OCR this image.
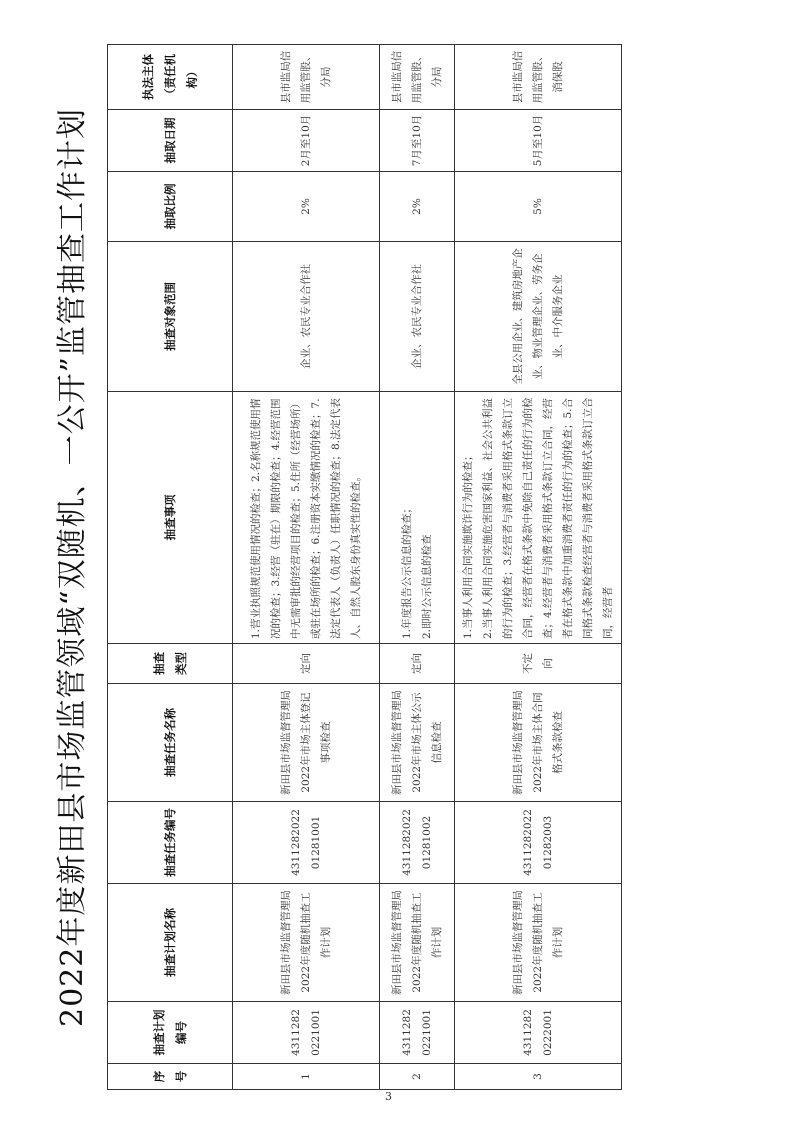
2022年度新田县市场监管领域“双随机、一公开”监管抽查工作计划
序号	抽查计划编号	抽查计划名称	抽查任务编号	抽查任务名称	抽查类型	抽查事项	抽查对象范围	抽取比例	抽取日期	执法主体（责任机构）
1	43112820221001	新田县市场监督管理局2022年度随机抽查工作计划	431128202201281001	新田县市场监督管理局2022年市场主体登记事项检查	定向	1.营业执照规范使用情况的检查；2.名称规范使用情况的检查；3.经营（驻在）期限的检查；4.经营范围中无需审批的经营项目的检查；5.住所（经营场所）或驻在场所的检查；6.注册资本实缴情况的检查；7.法定代表人（负责人）任职情况的检查；8.法定代表人、自然人股东身份真实性的检查。	企业、农民专业合作社	2%	2月至10月	县市监局信用监管股、分局
2	43112820221001	新田县市场监督管理局2022年度随机抽查工作计划	431128202201281002	新田县市场监督管理局2022年市场主体公示信息检查	定向	1.年度报告公示信息的检查； 2.即时公示信息的检查	企业、农民专业合作社	2%	7月至10月	县市监局信用监管股、分局
3	43112820222001	新田县市场监督管理局2022年度随机抽查工作计划	431128202201282003	新田县市场监督管理局2022年市场主体合同格式条款检查	不定向	1.当事人利用合同实施欺诈行为的检查； 2.当事人利用合同实施危害国家利益、社会公共利益的行为的检查；3.经营者与消费者采用格式条款订立合同，经营者在格式条款中免除自己责任的行为的检查；4.经营者与消费者采用格式条款订立合同，经营者在格式条款中加重消费者责任的行为的检查；5.合同格式条款检查经营者与消费者采用格式条款订立合同，经营者	全县公用企业、建筑房地产企业、物业管理企业、劳务企业、中介服务企业	5%	5月至10月	县市监局信用监管股、消保股
3
